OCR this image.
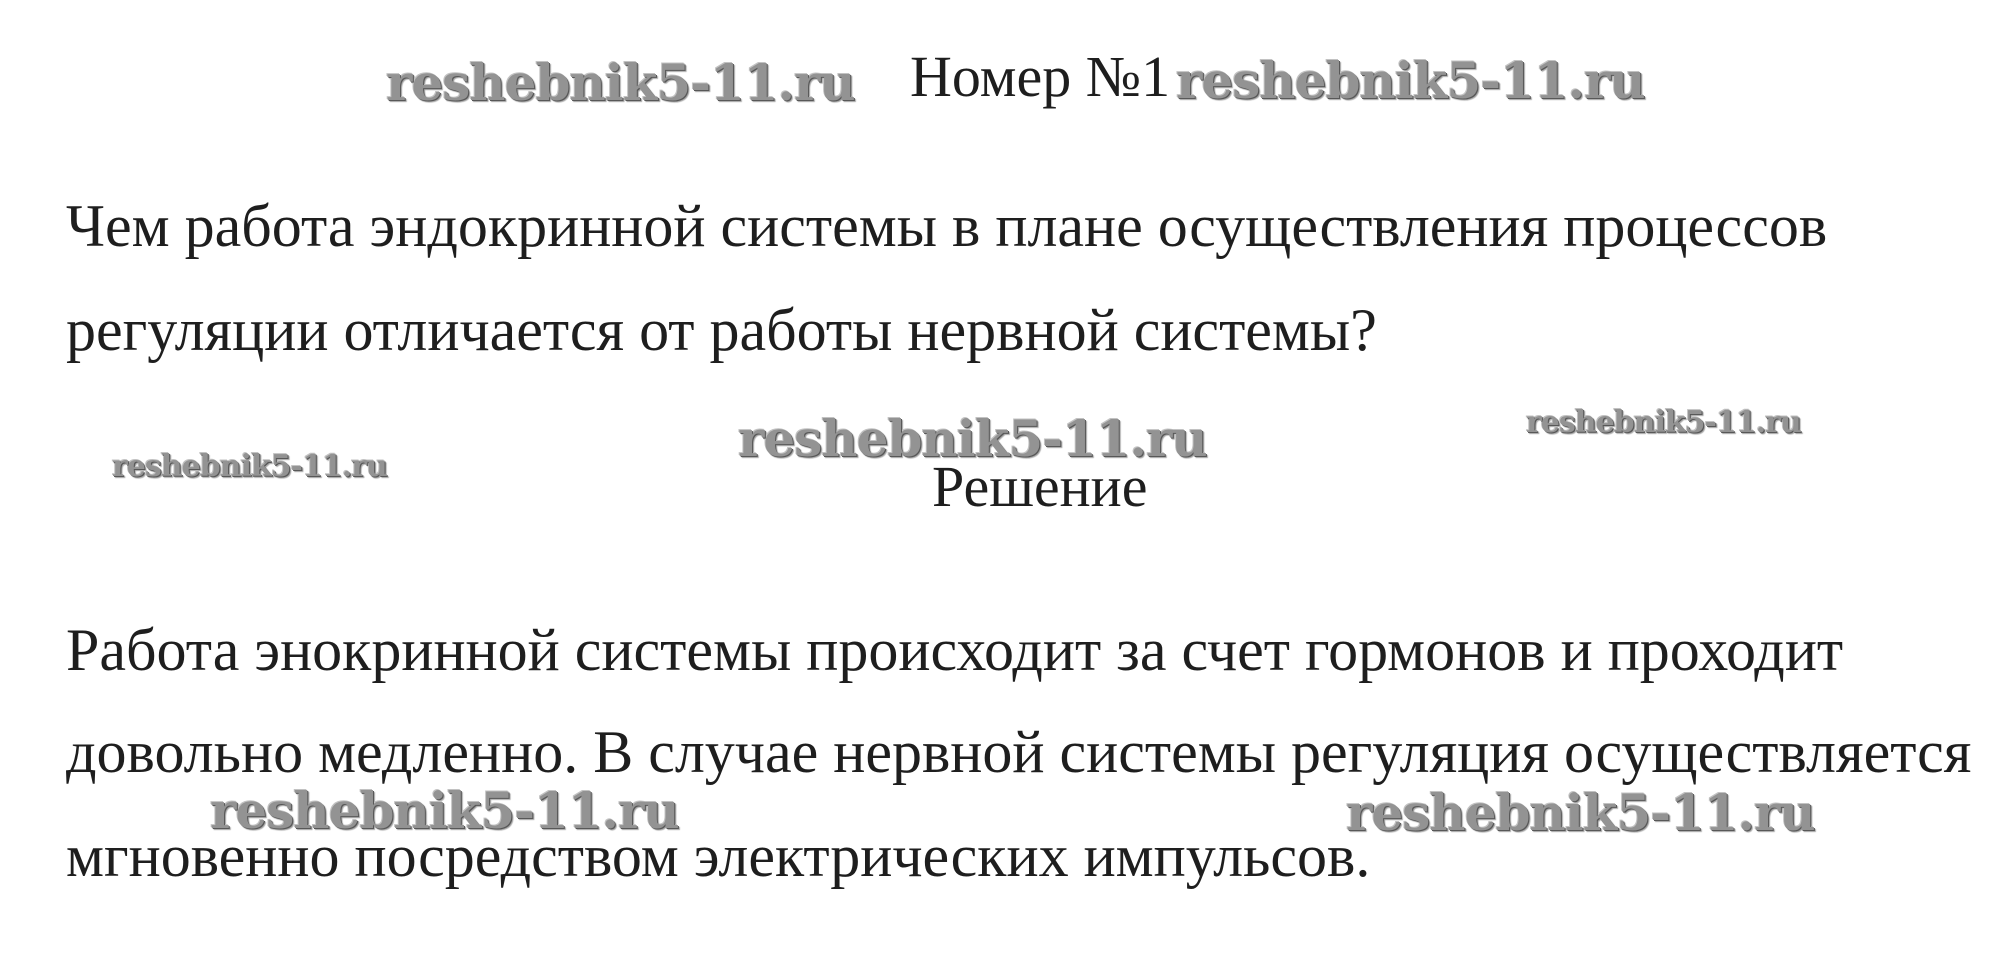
Номер №1
Чем работа эндокринной системы в плане осуществления процессов
регуляции отличается от работы нервной системы?
Решение
Работа энокринной системы происходит за счет гормонов и проходит
довольно медленно. В случае нервной системы регуляция осуществляется
мгновенно посредством электрических импульсов.
reshebnik5-11.ru	reshebnik5-11.ru
reshebnik5-11.ru
reshebnik5-11.ru
reshebnik5-11.ru
reshebnik5-11.ru	reshebnik5-11.ru
